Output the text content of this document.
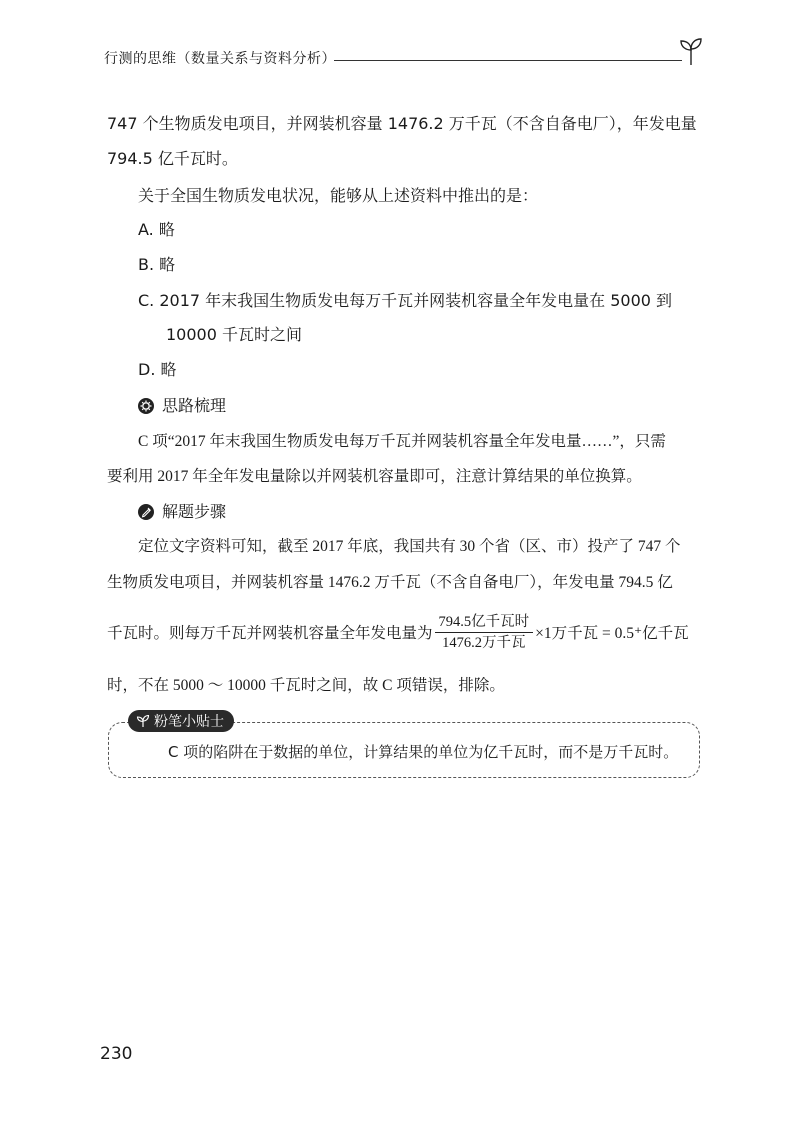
行测的思维（数量关系与资料分析）
747 个生物质发电项目，并网装机容量 1476.2 万千瓦（不含自备电厂），年发电量
794.5 亿千瓦时。
关于全国生物质发电状况，能够从上述资料中推出的是：
A. 略
B. 略
C. 2017 年末我国生物质发电每万千瓦并网装机容量全年发电量在 5000 到
10000 千瓦时之间
D. 略
思路梳理
C 项“2017 年末我国生物质发电每万千瓦并网装机容量全年发电量……”，只需
要利用 2017 年全年发电量除以并网装机容量即可，注意计算结果的单位换算。
解题步骤
定位文字资料可知，截至 2017 年底，我国共有 30 个省（区、市）投产了 747 个
生物质发电项目，并网装机容量 1476.2 万千瓦（不含自备电厂），年发电量 794.5 亿
千瓦时。则每万千瓦并网装机容量全年发电量为 $\frac{\text{794.5亿千瓦时}}{\text{1476.2万千瓦}} \times 1$万千瓦 = 0.5⁺亿千瓦
时，不在 5000 ～ 10000 千瓦时之间，故 C 项错误，排除。
粉笔小贴士
C 项的陷阱在于数据的单位，计算结果的单位为亿千瓦时，而不是万千瓦时。
230
